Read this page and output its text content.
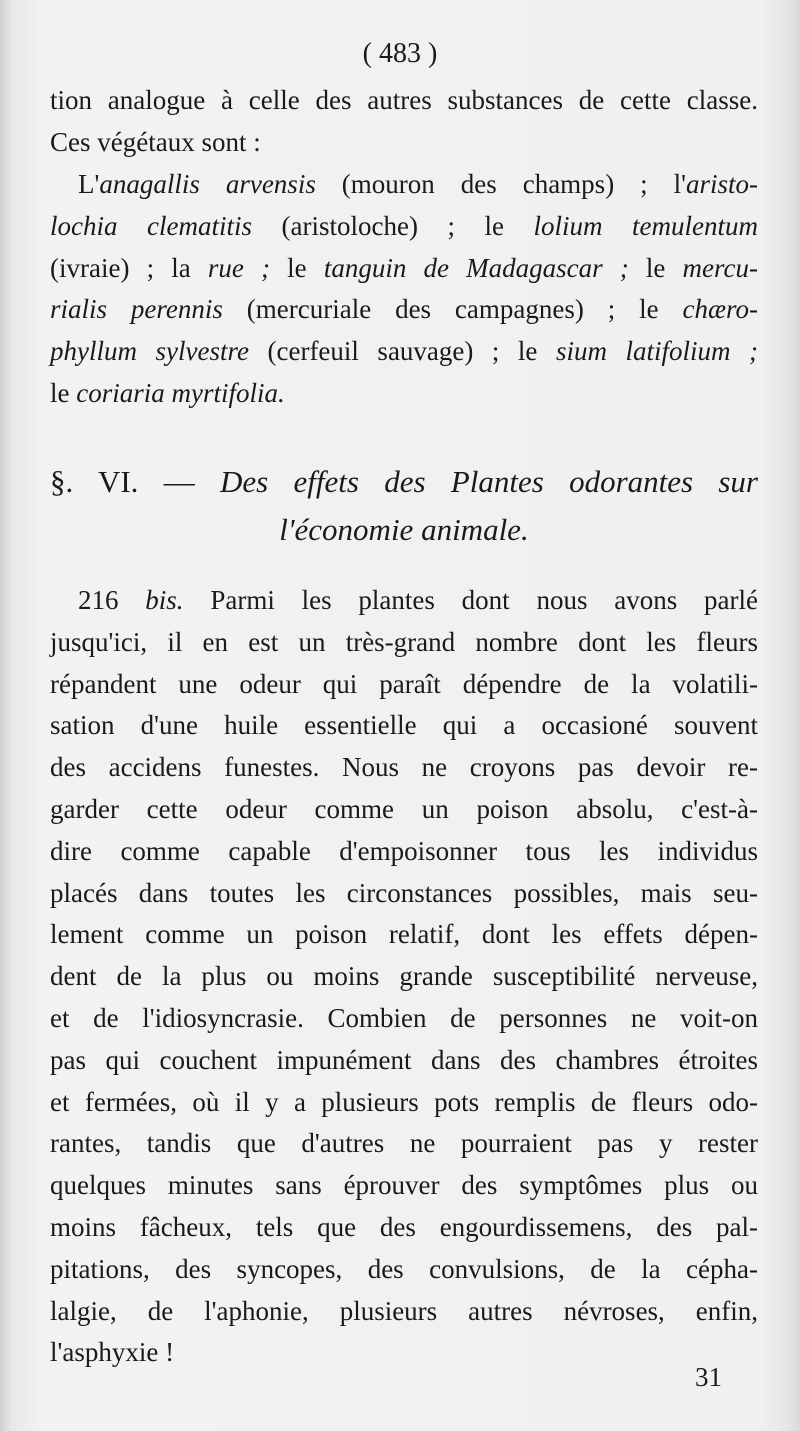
( 483 )
tion analogue à celle des autres substances de cette classe.
Ces végétaux sont :
L'anagallis arvensis (mouron des champs) ; l'aristo-
lochia clematitis (aristoloche) ; le lolium temulentum
(ivraie) ; la rue ; le tanguin de Madagascar ; le mercu-
rialis perennis (mercuriale des campagnes) ; le chæro-
phyllum sylvestre (cerfeuil sauvage) ; le sium latifolium ;
le coriaria myrtifolia.
§. VI. — Des effets des Plantes odorantes sur
l'économie animale.
216 bis. Parmi les plantes dont nous avons parlé
jusqu'ici, il en est un très-grand nombre dont les fleurs
répandent une odeur qui paraît dépendre de la volatili-
sation d'une huile essentielle qui a occasioné souvent
des accidens funestes. Nous ne croyons pas devoir re-
garder cette odeur comme un poison absolu, c'est-à-
dire comme capable d'empoisonner tous les individus
placés dans toutes les circonstances possibles, mais seu-
lement comme un poison relatif, dont les effets dépen-
dent de la plus ou moins grande susceptibilité nerveuse,
et de l'idiosyncrasie. Combien de personnes ne voit-on
pas qui couchent impunément dans des chambres étroites
et fermées, où il y a plusieurs pots remplis de fleurs odo-
rantes, tandis que d'autres ne pourraient pas y rester
quelques minutes sans éprouver des symptômes plus ou
moins fâcheux, tels que des engourdissemens, des pal-
pitations, des syncopes, des convulsions, de la cépha-
lalgie, de l'aphonie, plusieurs autres névroses, enfin,
l'asphyxie !
31
